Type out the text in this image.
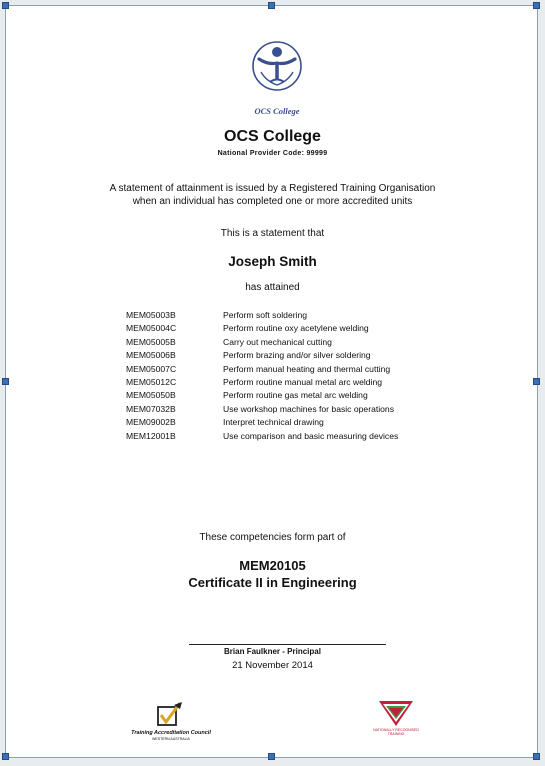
OCS College
OCS College
National Provider Code: 99999
A statement of attainment is issued by a Registered Training Organisation
when an individual has completed one or more accredited units
This is a statement that
Joseph Smith
has attained
MEM05003B	Perform soft soldering
MEM05004C	Perform routine oxy acetylene welding
MEM05005B	Carry out mechanical cutting
MEM05006B	Perform brazing and/or silver soldering
MEM05007C	Perform manual heating and thermal cutting
MEM05012C	Perform routine manual metal arc welding
MEM05050B	Perform routine gas metal arc welding
MEM07032B	Use workshop machines for basic operations
MEM09002B	Interpret technical drawing
MEM12001B	Use comparison and basic measuring devices
These competencies form part of
MEM20105
Certificate II in Engineering
Brian Faulkner - Principal
21 November 2014
Training Accreditation Council
WESTERN AUSTRALIA
NATIONALLY RECOGNISED
TRAINING
